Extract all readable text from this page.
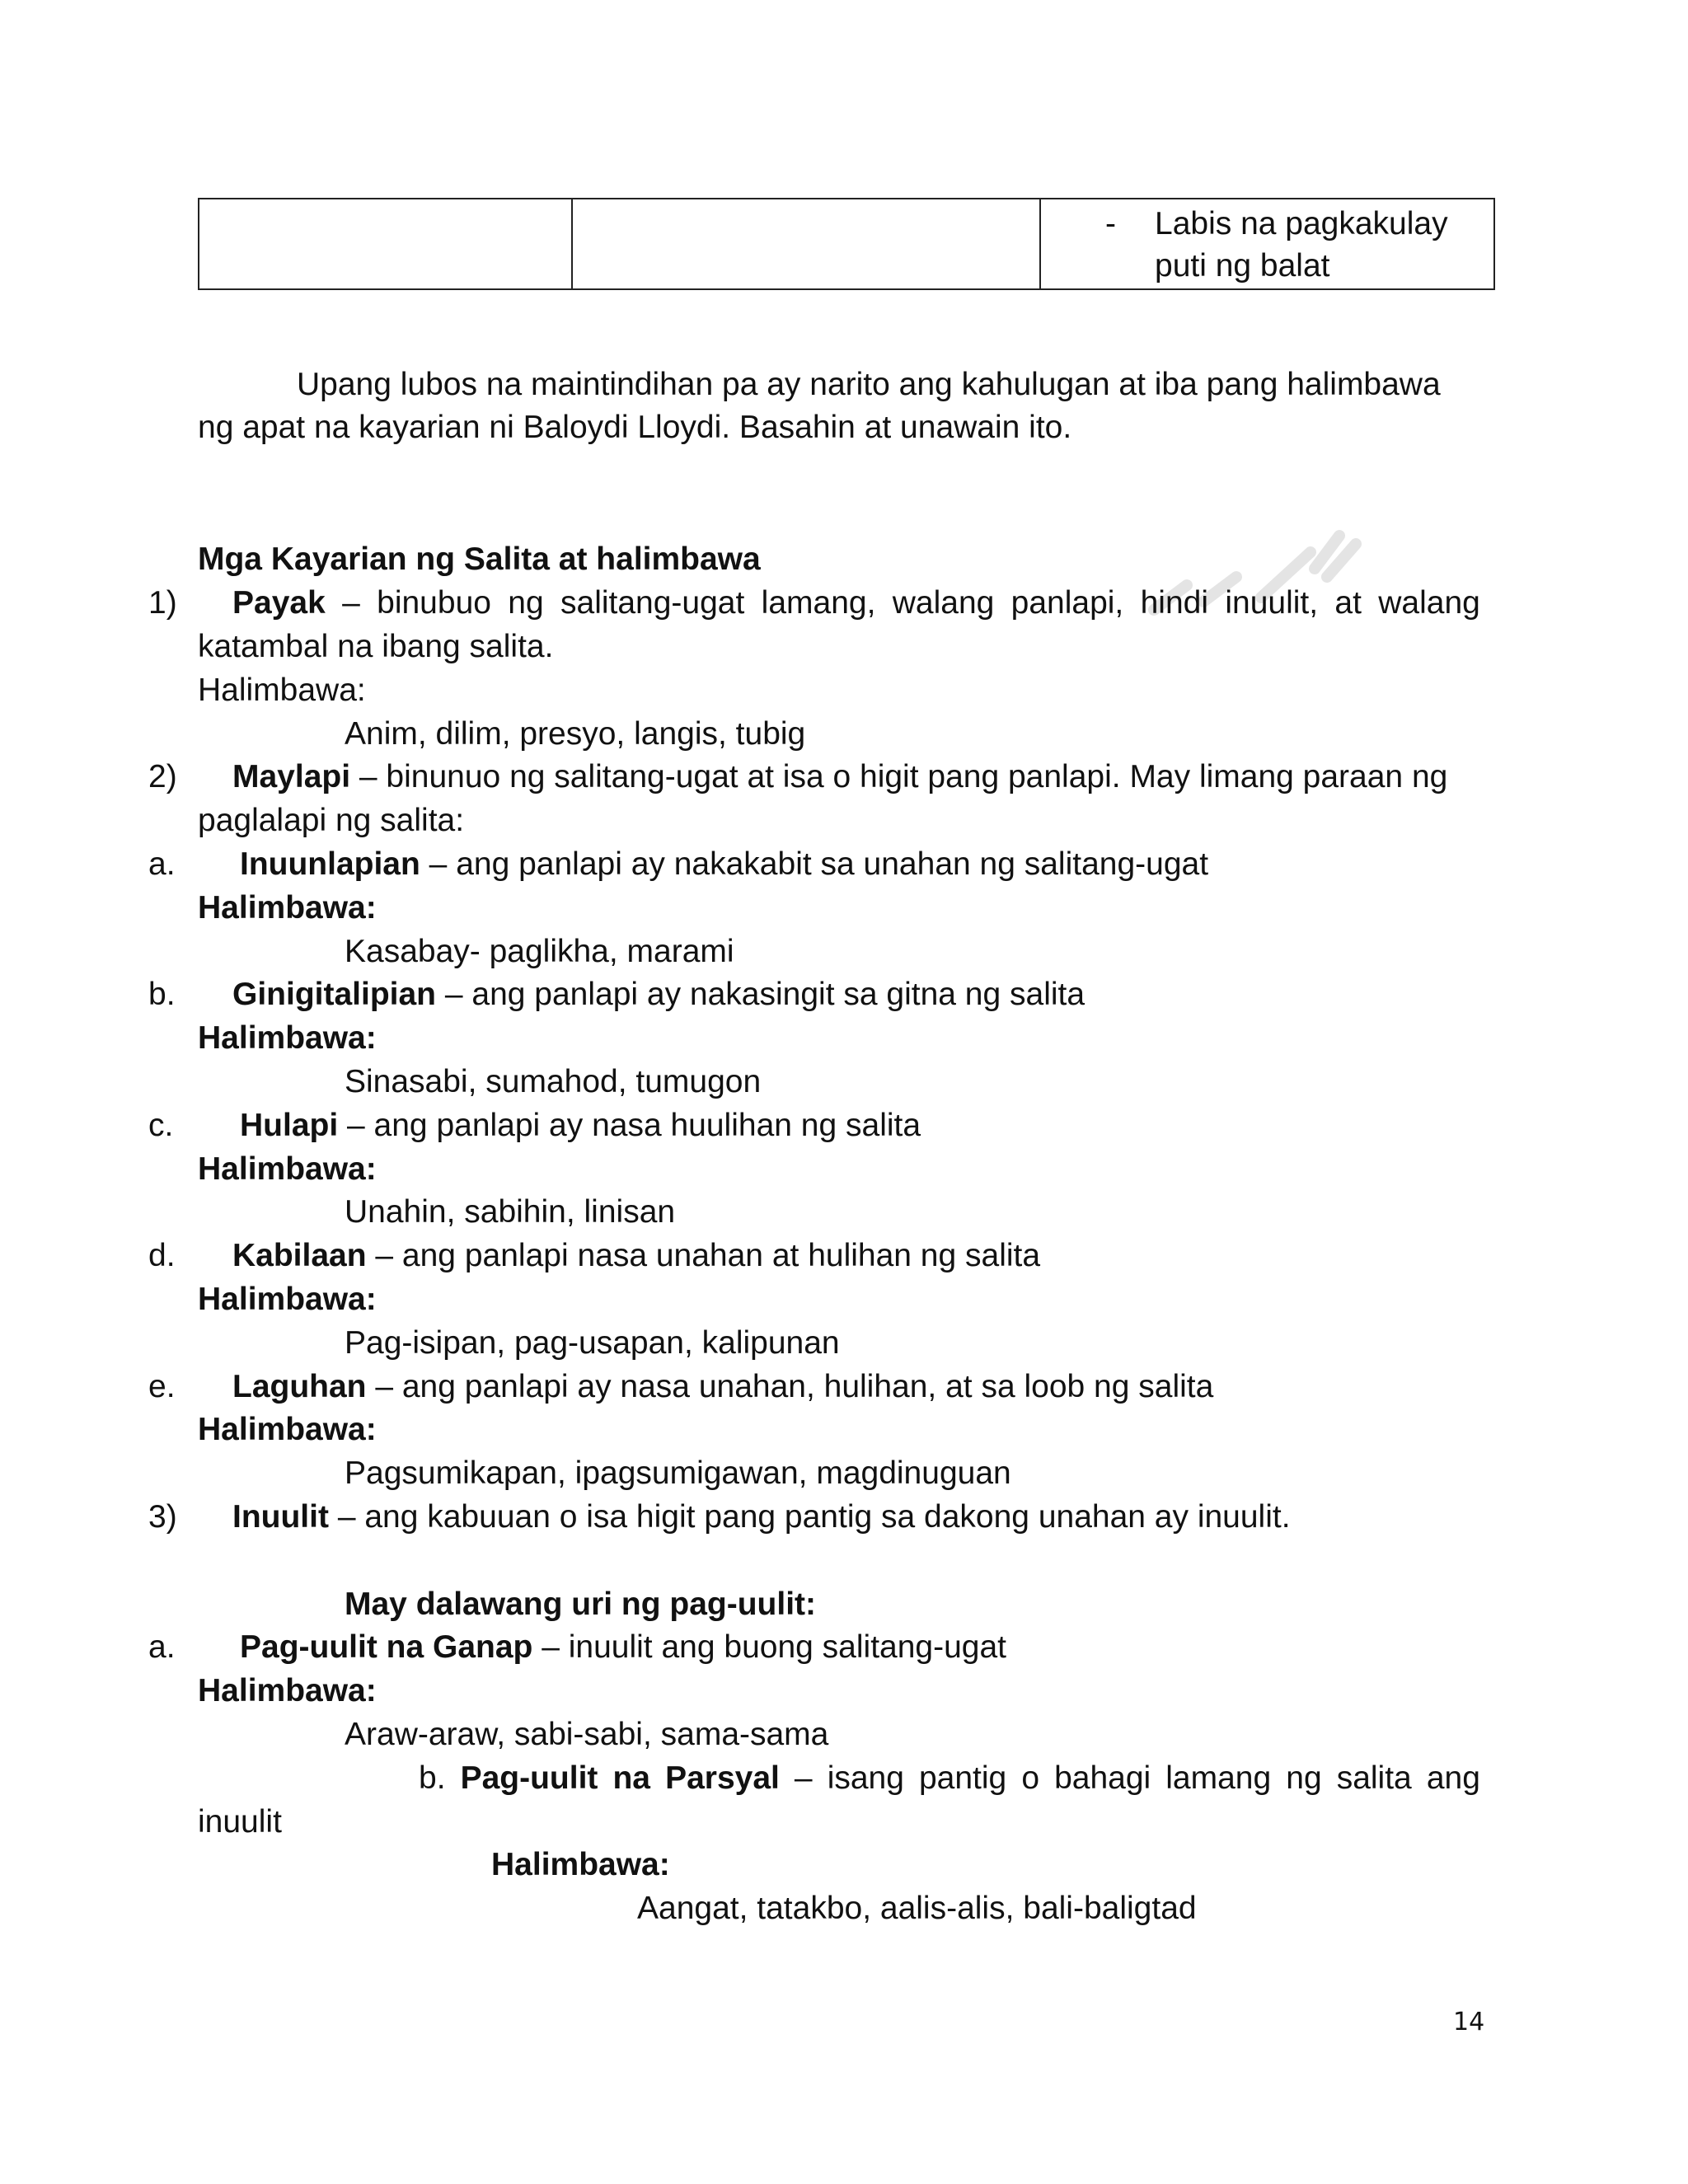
- Labis na pagkakulay
puti ng balat
Upang lubos na maintindihan pa ay narito ang kahulugan at iba pang halimbawa
ng apat na kayarian ni Baloydi Lloydi. Basahin at unawain ito.
Mga Kayarian ng Salita at halimbawa
1) Payak – binubuo ng salitang-ugat lamang, walang panlapi, hindi inuulit, at walang
katambal na ibang salita.
Halimbawa:
Anim, dilim, presyo, langis, tubig
2) Maylapi – binunuo ng salitang-ugat at isa o higit pang panlapi. May limang paraan ng
paglalapi ng salita:
a. Inuunlapian – ang panlapi ay nakakabit sa unahan ng salitang-ugat
Halimbawa:
Kasabay- paglikha, marami
b. Ginigitalipian – ang panlapi ay nakasingit sa gitna ng salita
Halimbawa:
Sinasabi, sumahod, tumugon
c. Hulapi – ang panlapi ay nasa huulihan ng salita
Halimbawa:
Unahin, sabihin, linisan
d. Kabilaan – ang panlapi nasa unahan at hulihan ng salita
Halimbawa:
Pag-isipan, pag-usapan, kalipunan
e. Laguhan – ang panlapi ay nasa unahan, hulihan, at sa loob ng salita
Halimbawa:
Pagsumikapan, ipagsumigawan, magdinuguan
3) Inuulit – ang kabuuan o isa higit pang pantig sa dakong unahan ay inuulit.
May dalawang uri ng pag-uulit:
a. Pag-uulit na Ganap – inuulit ang buong salitang-ugat
Halimbawa:
Araw-araw, sabi-sabi, sama-sama
b. Pag-uulit na Parsyal – isang pantig o bahagi lamang ng salita ang
inuulit
Halimbawa:
Aangat, tatakbo, aalis-alis, bali-baligtad
14
